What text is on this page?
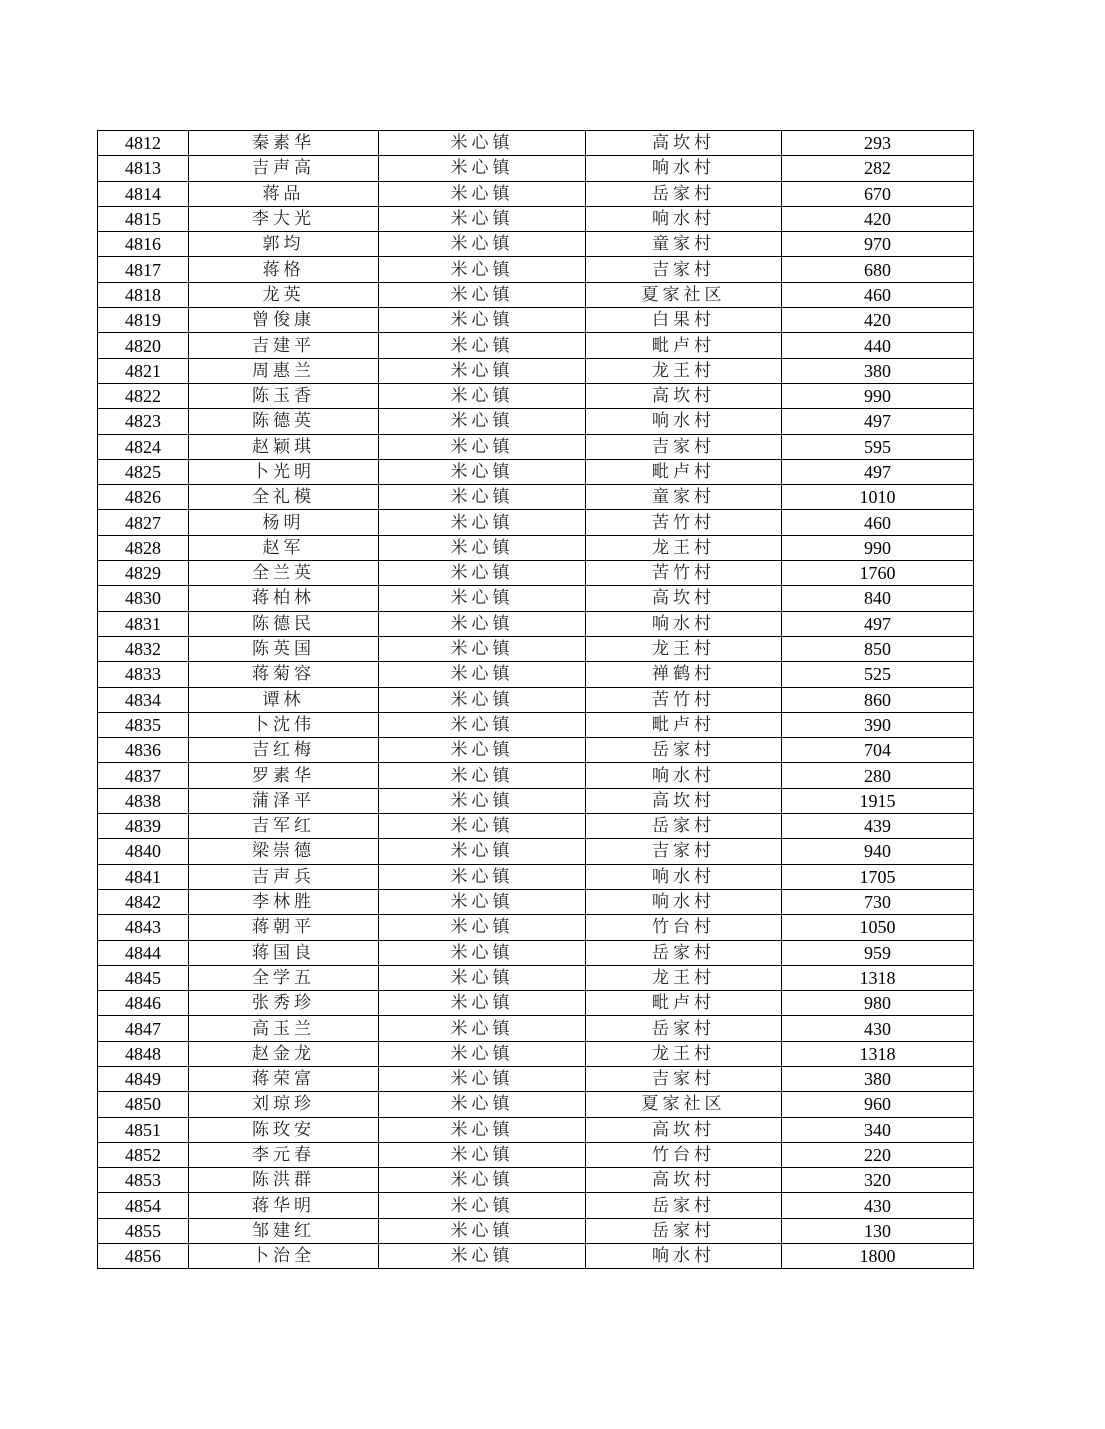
4812	秦素华	米心镇	高坎村	293
4813	吉声高	米心镇	响水村	282
4814	蒋品	米心镇	岳家村	670
4815	李大光	米心镇	响水村	420
4816	郭均	米心镇	童家村	970
4817	蒋格	米心镇	吉家村	680
4818	龙英	米心镇	夏家社区	460
4819	曾俊康	米心镇	白果村	420
4820	吉建平	米心镇	毗卢村	440
4821	周惠兰	米心镇	龙王村	380
4822	陈玉香	米心镇	高坎村	990
4823	陈德英	米心镇	响水村	497
4824	赵颖琪	米心镇	吉家村	595
4825	卜光明	米心镇	毗卢村	497
4826	全礼模	米心镇	童家村	1010
4827	杨明	米心镇	苦竹村	460
4828	赵军	米心镇	龙王村	990
4829	全兰英	米心镇	苦竹村	1760
4830	蒋柏林	米心镇	高坎村	840
4831	陈德民	米心镇	响水村	497
4832	陈英国	米心镇	龙王村	850
4833	蒋菊容	米心镇	禅鹤村	525
4834	谭林	米心镇	苦竹村	860
4835	卜沈伟	米心镇	毗卢村	390
4836	吉红梅	米心镇	岳家村	704
4837	罗素华	米心镇	响水村	280
4838	蒲泽平	米心镇	高坎村	1915
4839	吉军红	米心镇	岳家村	439
4840	梁崇德	米心镇	吉家村	940
4841	吉声兵	米心镇	响水村	1705
4842	李林胜	米心镇	响水村	730
4843	蒋朝平	米心镇	竹台村	1050
4844	蒋国良	米心镇	岳家村	959
4845	全学五	米心镇	龙王村	1318
4846	张秀珍	米心镇	毗卢村	980
4847	高玉兰	米心镇	岳家村	430
4848	赵金龙	米心镇	龙王村	1318
4849	蒋荣富	米心镇	吉家村	380
4850	刘琼珍	米心镇	夏家社区	960
4851	陈玫安	米心镇	高坎村	340
4852	李元春	米心镇	竹台村	220
4853	陈洪群	米心镇	高坎村	320
4854	蒋华明	米心镇	岳家村	430
4855	邹建红	米心镇	岳家村	130
4856	卜治全	米心镇	响水村	1800
